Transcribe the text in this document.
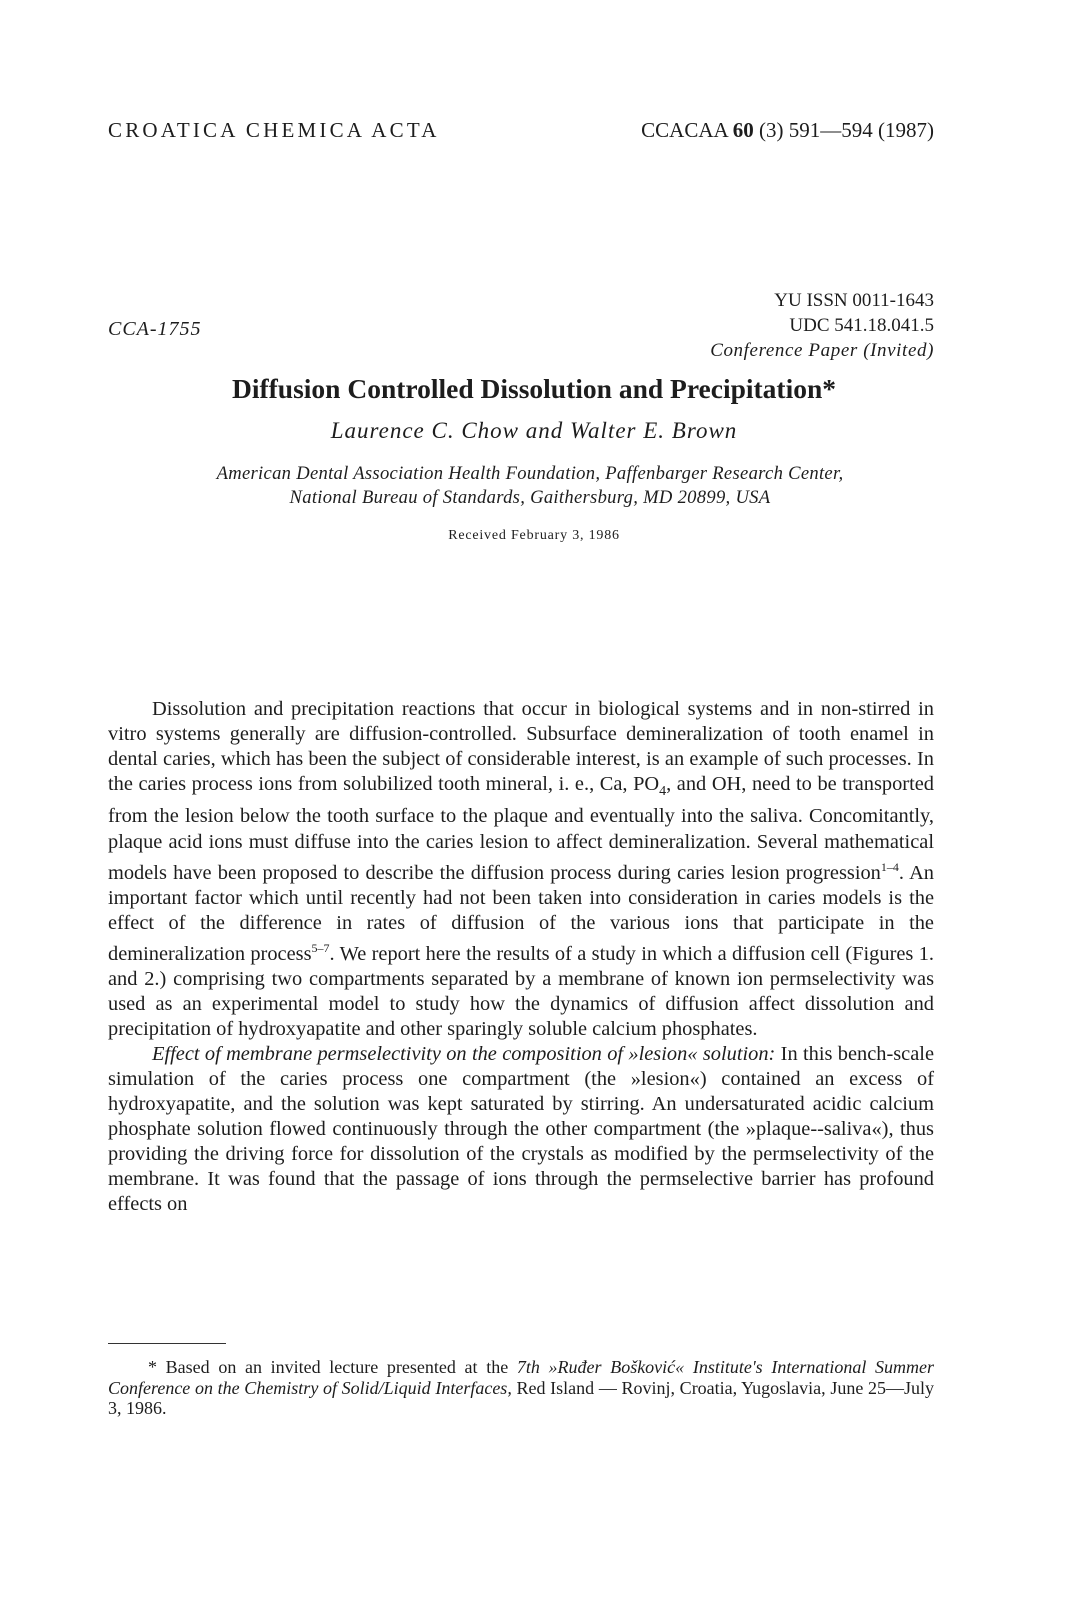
CROATICA CHEMICA ACTA	CCACAA 60 (3) 591—594 (1987)
CCA-1755
YU ISSN 0011-1643
UDC 541.18.041.5
Conference Paper (Invited)
Diffusion Controlled Dissolution and Precipitation*
Laurence C. Chow and Walter E. Brown
American Dental Association Health Foundation, Paffenbarger Research Center,
National Bureau of Standards, Gaithersburg, MD 20899, USA
Received February 3, 1986

Dissolution and precipitation reactions that occur in biological systems and in non-stirred in vitro systems generally are diffusion-controlled. Subsurface demineralization of tooth enamel in dental caries, which has been the subject of considerable interest, is an example of such processes. In the caries process ions from solubilized tooth mineral, i. e., Ca, $PO_4$, and OH, need to be transported from the lesion below the tooth surface to the plaque and eventually into the saliva. Concomitantly, plaque acid ions must diffuse into the caries lesion to affect demineralization. Several mathematical models have been proposed to describe the diffusion process during caries lesion progression$^{1-4}$. An important factor which until recently had not been taken into consideration in caries models is the effect of the difference in rates of diffusion of the various ions that participate in the demineralization process$^{5-7}$. We report here the results of a study in which a diffusion cell (Figures 1. and 2.) comprising two compartments separated by a membrane of known ion permselectivity was used as an experimental model to study how the dynamics of diffusion affect dissolution and precipitation of hydroxyapatite and other sparingly soluble calcium phosphates.

Effect of membrane permselectivity on the composition of »lesion« solution: In this bench-scale simulation of the caries process one compartment (the »lesion«) contained an excess of hydroxyapatite, and the solution was kept saturated by stirring. An undersaturated acidic calcium phosphate solution flowed continuously through the other compartment (the »plaque--saliva«), thus providing the driving force for dissolution of the crystals as modified by the permselectivity of the membrane. It was found that the passage of ions through the permselective barrier has profound effects on

* Based on an invited lecture presented at the 7th »Ruđer Bošković« Institute's International Summer Conference on the Chemistry of Solid/Liquid Interfaces, Red Island — Rovinj, Croatia, Yugoslavia, June 25—July 3, 1986.
